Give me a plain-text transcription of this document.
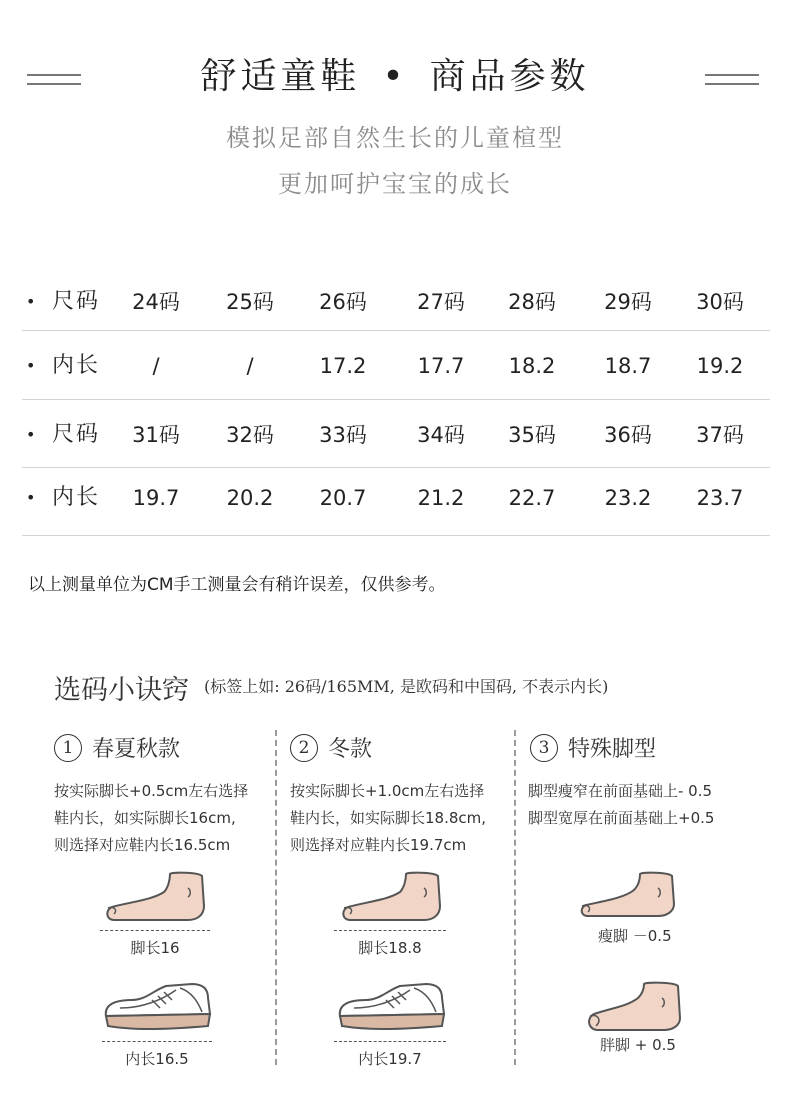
舒适童鞋 • 商品参数
模拟足部自然生长的儿童楦型
更加呵护宝宝的成长
• 尺码	24码	25码	26码	27码	28码	29码	30码
• 内长	/	/	17.2	17.7	18.2	18.7	19.2
• 尺码	31码	32码	33码	34码	35码	36码	37码
• 内长	19.7	20.2	20.7	21.2	22.7	23.2	23.7
以上测量单位为CM手工测量会有稍许误差，仅供参考。
选码小诀窍 (标签上如: 26码/165MM, 是欧码和中国码, 不表示内长)
1 春夏秋款
按实际脚长+0.5cm左右选择
鞋内长，如实际脚长16cm,
则选择对应鞋内长16.5cm
2 冬款
按实际脚长+1.0cm左右选择
鞋内长，如实际脚长18.8cm,
则选择对应鞋内长19.7cm
3 特殊脚型
脚型瘦窄在前面基础上- 0.5
脚型宽厚在前面基础上+0.5
脚长16	脚长18.8
瘦脚 －0.5
内长16.5	内长19.7
胖脚 + 0.5
